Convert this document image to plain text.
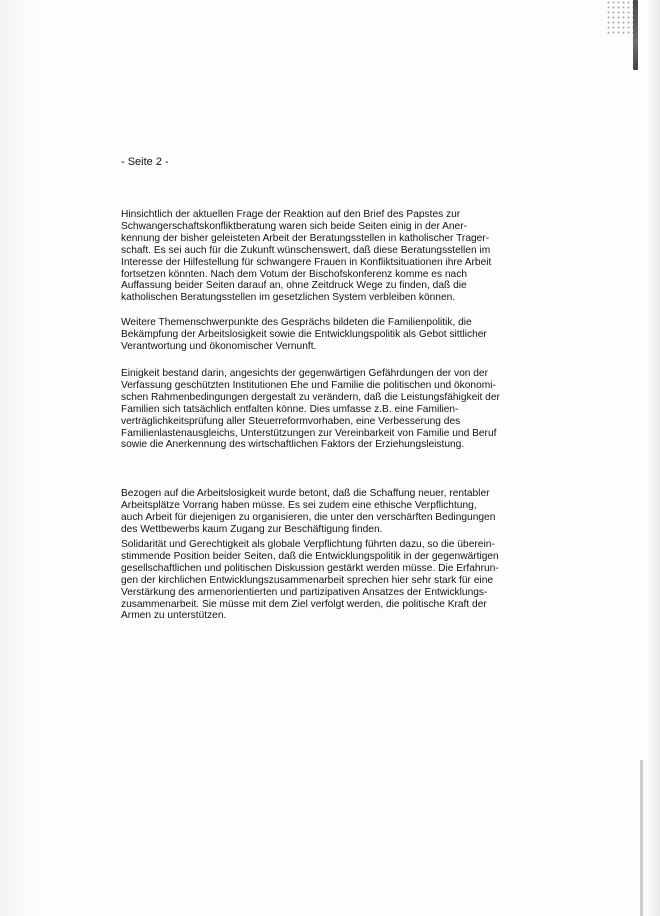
- Seite 2 -
Hinsichtlich der aktuellen Frage der Reaktion auf den Brief des Papstes zur
Schwangerschaftskonfliktberatung waren sich beide Seiten einig in der Aner-
kennung der bisher geleisteten Arbeit der Beratungsstellen in katholischer Trager-
schaft. Es sei auch für die Zukunft wünschenswert, daß diese Beratungsstellen im
Interesse der Hilfestellung für schwangere Frauen in Konfliktsituationen ihre Arbeit
fortsetzen könnten. Nach dem Votum der Bischofskonferenz komme es nach
Auffassung beider Seiten darauf an, ohne Zeitdruck Wege zu finden, daß die
katholischen Beratungsstellen im gesetzlichen System verbleiben können.
Weitere Themenschwerpunkte des Gesprächs bildeten die Familienpolitik, die
Bekämpfung der Arbeitslosigkeit sowie die Entwicklungspolitik als Gebot sittlicher
Verantwortung und ökonomischer Vernunft.
Einigkeit bestand darin, angesichts der gegenwärtigen Gefährdungen der von der
Verfassung geschützten Institutionen Ehe und Familie die politischen und ökonomi-
schen Rahmenbedingungen dergestalt zu verändern, daß die Leistungsfähigkeit der
Familien sich tatsächlich entfalten könne. Dies umfasse z.B. eine Familien-
verträglichkeitsprüfung aller Steuerreformvorhaben, eine Verbesserung des
Familienlastenausgleichs, Unterstützungen zur Vereinbarkeit von Familie und Beruf
sowie die Anerkennung des wirtschaftlichen Faktors der Erziehungsleistung.
Bezogen auf die Arbeitslosigkeit wurde betont, daß die Schaffung neuer, rentabler
Arbeitsplätze Vorrang haben müsse. Es sei zudem eine ethische Verpflichtung,
auch Arbeit für diejenigen zu organisieren, die unter den verschärften Bedingungen
des Wettbewerbs kaum Zugang zur Beschäftigung finden.
Solidarität und Gerechtigkeit als globale Verpflichtung führten dazu, so die überein-
stimmende Position beider Seiten, daß die Entwicklungspolitik in der gegenwärtigen
gesellschaftlichen und politischen Diskussion gestärkt werden müsse. Die Erfahrun-
gen der kirchlichen Entwicklungszusammenarbeit sprechen hier sehr stark für eine
Verstärkung des armenorientierten und partizipativen Ansatzes der Entwicklungs-
zusammenarbeit. Sie müsse mit dem Ziel verfolgt werden, die politische Kraft der
Armen zu unterstützen.
